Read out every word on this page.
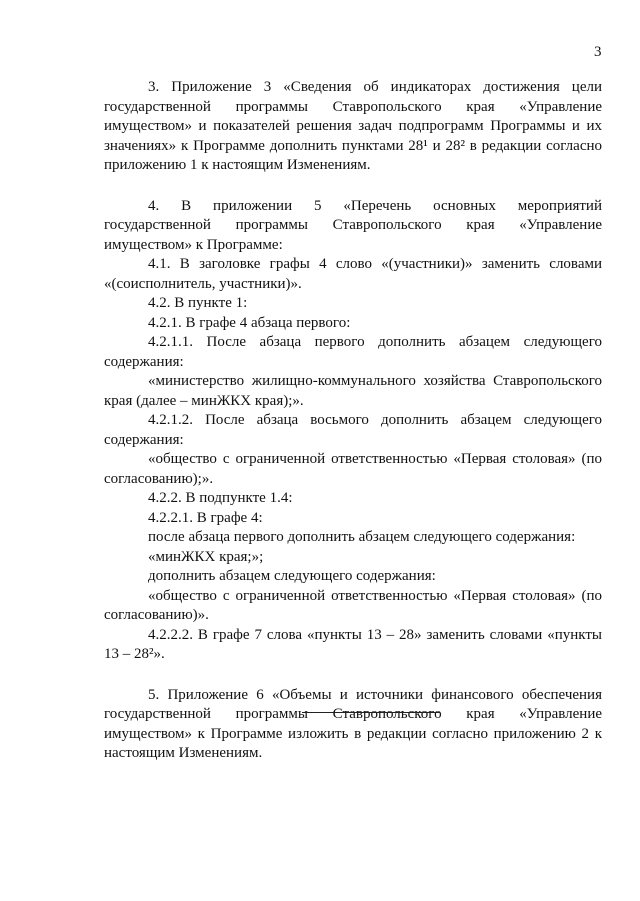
3

3. Приложение 3 «Сведения об индикаторах достижения цели государственной программы Ставропольского края «Управление имуществом» и показателей решения задач подпрограмм Программы и их значениях» к Программе дополнить пунктами 28¹ и 28² в редакции согласно приложению 1 к настоящим Изменениям.

4. В приложении 5 «Перечень основных мероприятий государственной программы Ставропольского края «Управление имуществом» к Программе:

4.1. В заголовке графы 4 слово «(участники)» заменить словами «(соисполнитель, участники)».

4.2. В пункте 1:

4.2.1. В графе 4 абзаца первого:

4.2.1.1. После абзаца первого дополнить абзацем следующего содержания:

«министерство жилищно-коммунального хозяйства Ставропольского края (далее – минЖКХ края);».

4.2.1.2. После абзаца восьмого дополнить абзацем следующего содержания:

«общество с ограниченной ответственностью «Первая столовая» (по согласованию);».

4.2.2. В подпункте 1.4:

4.2.2.1. В графе 4:

после абзаца первого дополнить абзацем следующего содержания:

«минЖКХ края;»;

дополнить абзацем следующего содержания:

«общество с ограниченной ответственностью «Первая столовая» (по согласованию)».

4.2.2.2. В графе 7 слова «пункты 13 – 28» заменить словами «пункты 13 – 28²».

5. Приложение 6 «Объемы и источники финансового обеспечения государственной программы Ставропольского края «Управление имуществом» к Программе изложить в редакции согласно приложению 2 к настоящим Изменениям.
